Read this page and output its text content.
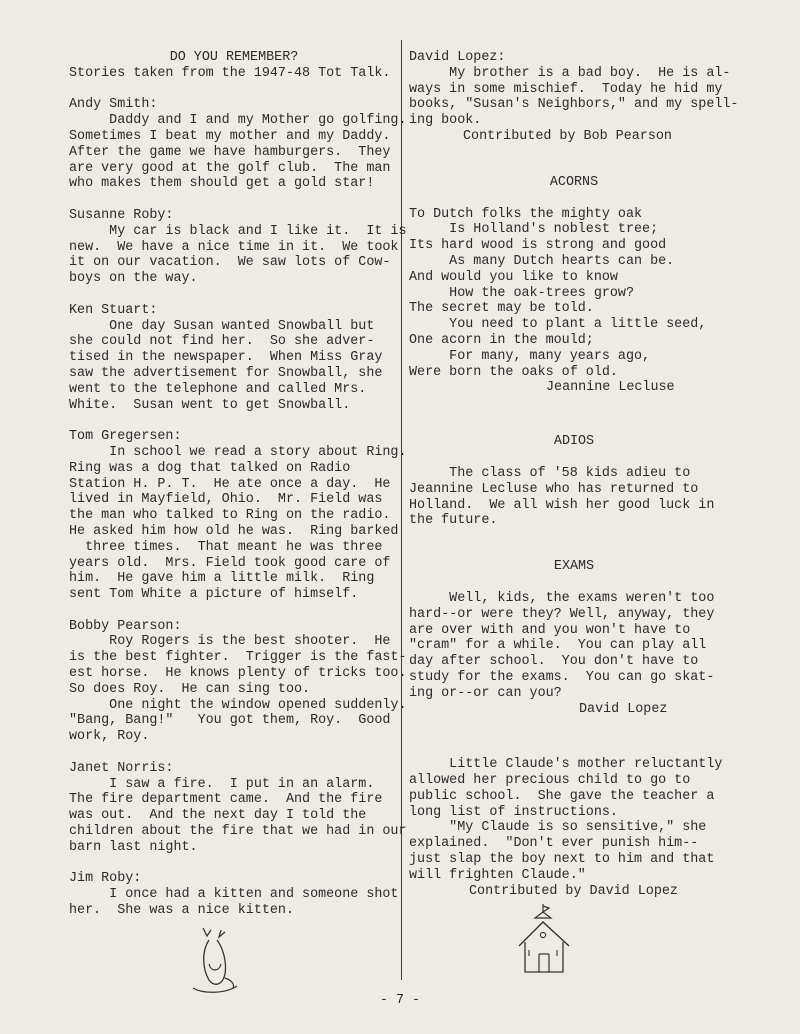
DO YOU REMEMBER?

Stories taken from the 1947-48 Tot Talk.

Andy Smith:

Daddy and I and my Mother go golfing.

Sometimes I beat my mother and my Daddy.

After the game we have hamburgers.  They

are very good at the golf club.  The man

who makes them should get a gold star!

Susanne Roby:

My car is black and I like it.  It is

new.  We have a nice time in it.  We took

it on our vacation.  We saw lots of Cow-

boys on the way.

Ken Stuart:

One day Susan wanted Snowball but

she could not find her.  So she adver-

tised in the newspaper.  When Miss Gray

saw the advertisement for Snowball, she

went to the telephone and called Mrs.

White.  Susan went to get Snowball.

Tom Gregersen:

In school we read a story about Ring.

Ring was a dog that talked on Radio

Station H. P. T.  He ate once a day.  He

lived in Mayfield, Ohio.  Mr. Field was

the man who talked to Ring on the radio.

He asked him how old he was.  Ring barked

three times.  That meant he was three

years old.  Mrs. Field took good care of

him.  He gave him a little milk.  Ring

sent Tom White a picture of himself.

Bobby Pearson:

Roy Rogers is the best shooter.  He

is the best fighter.  Trigger is the fast-

est horse.  He knows plenty of tricks too.

So does Roy.  He can sing too.

One night the window opened suddenly.

"Bang, Bang!"   You got them, Roy.  Good

work, Roy.

Janet Norris:

I saw a fire.  I put in an alarm.

The fire department came.  And the fire

was out.  And the next day I told the

children about the fire that we had in our

barn last night.

Jim Roby:

I once had a kitten and someone shot

her.  She was a nice kitten.

David Lopez:

My brother is a bad boy.  He is al-

ways in some mischief.  Today he hid my

books, "Susan's Neighbors," and my spell-

ing book.

Contributed by Bob Pearson

ACORNS

To Dutch folks the mighty oak

Is Holland's noblest tree;

Its hard wood is strong and good

As many Dutch hearts can be.

And would you like to know

How the oak-trees grow?

The secret may be told.

You need to plant a little seed,

One acorn in the mould;

For many, many years ago,

Were born the oaks of old.

Jeannine Lecluse

ADIOS

The class of '58 kids adieu to

Jeannine Lecluse who has returned to

Holland.  We all wish her good luck in

the future.

EXAMS

Well, kids, the exams weren't too

hard--or were they? Well, anyway, they

are over with and you won't have to

"cram" for a while.  You can play all

day after school.  You don't have to

study for the exams.  You can go skat-

ing or--or can you?

David Lopez

Little Claude's mother reluctantly

allowed her precious child to go to

public school.  She gave the teacher a

long list of instructions.

"My Claude is so sensitive," she

explained.  "Don't ever punish him--

just slap the boy next to him and that

will frighten Claude."

Contributed by David Lopez

- 7 -
